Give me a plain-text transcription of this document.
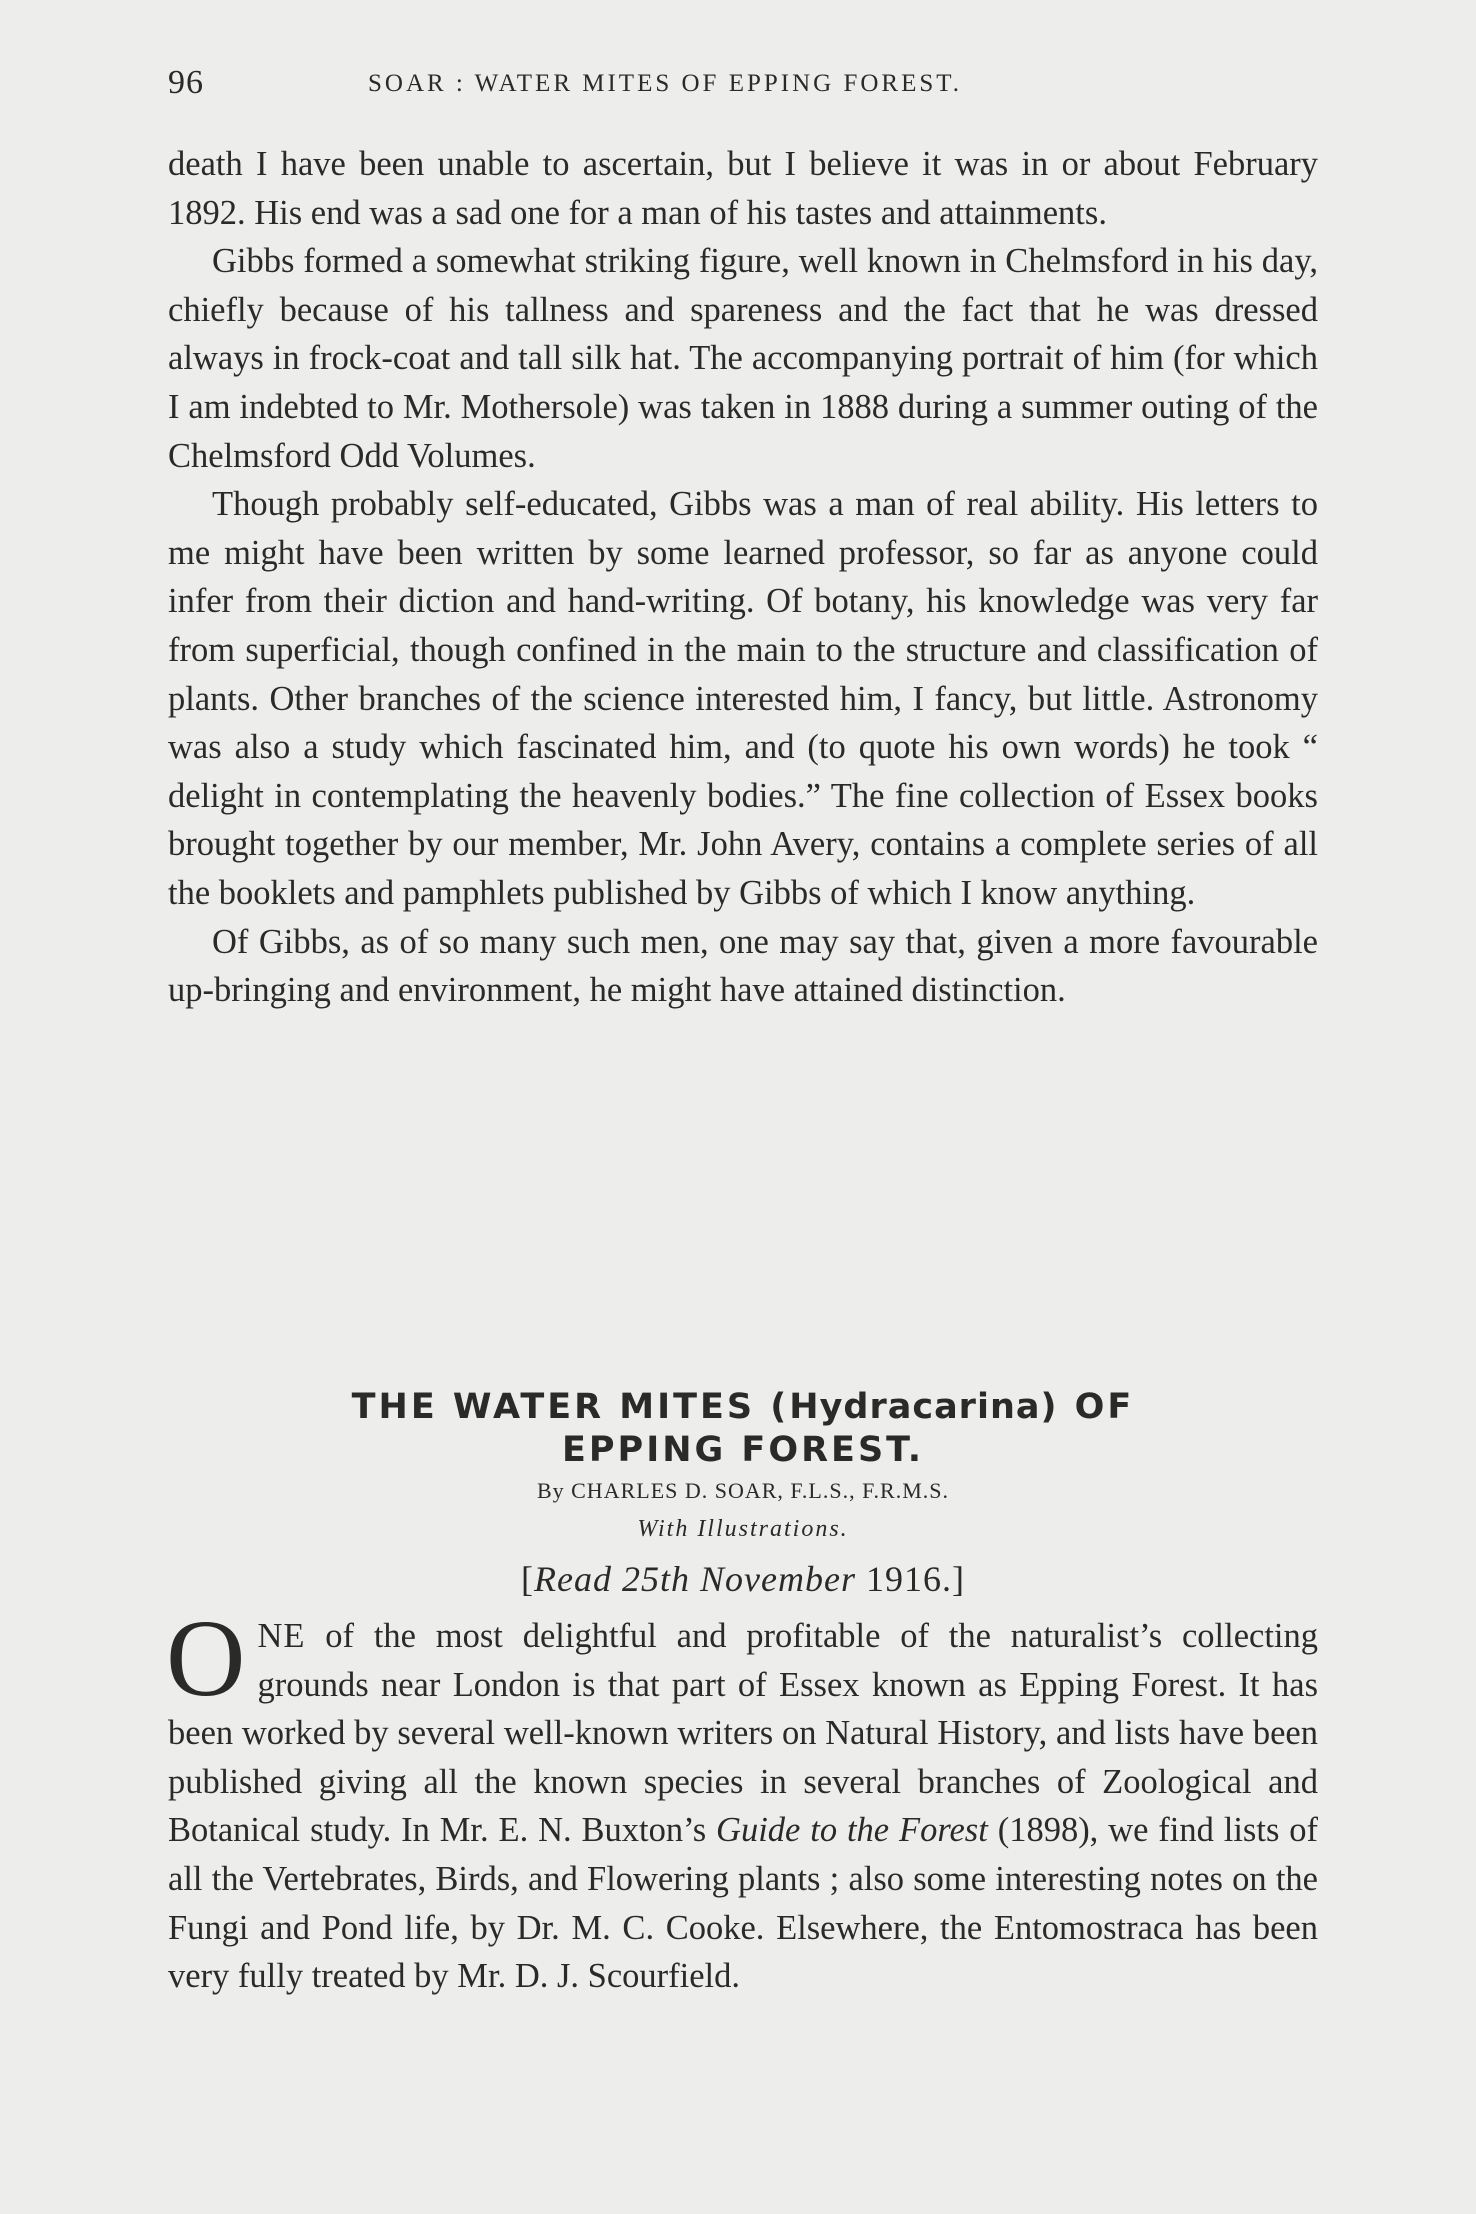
96	SOAR : WATER MITES OF EPPING FOREST.

death I have been unable to ascertain, but I believe it was in or about February 1892. His end was a sad one for a man of his tastes and attainments.

Gibbs formed a somewhat striking figure, well known in Chelmsford in his day, chiefly because of his tallness and spareness and the fact that he was dressed always in frock-coat and tall silk hat. The accompanying portrait of him (for which I am indebted to Mr. Mothersole) was taken in 1888 during a summer outing of the Chelmsford Odd Volumes.

Though probably self-educated, Gibbs was a man of real ability. His letters to me might have been written by some learned professor, so far as anyone could infer from their diction and hand-writing. Of botany, his knowledge was very far from superficial, though confined in the main to the structure and classification of plants. Other branches of the science interested him, I fancy, but little. Astronomy was also a study which fascinated him, and (to quote his own words) he took “ delight in contemplating the heavenly bodies.” The fine collection of Essex books brought together by our member, Mr. John Avery, contains a complete series of all the booklets and pamphlets published by Gibbs of which I know anything.

Of Gibbs, as of so many such men, one may say that, given a more favourable up-bringing and environment, he might have attained distinction.

THE WATER MITES (Hydracarina) OF
EPPING FOREST.
By CHARLES D. SOAR, F.L.S., F.R.M.S.
With Illustrations.
[Read 25th November 1916.]

ONE of the most delightful and profitable of the naturalist’s collecting grounds near London is that part of Essex known as Epping Forest. It has been worked by several well-known writers on Natural History, and lists have been published giving all the known species in several branches of Zoological and Botanical study. In Mr. E. N. Buxton’s Guide to the Forest (1898), we find lists of all the Vertebrates, Birds, and Flowering plants ; also some interesting notes on the Fungi and Pond life, by Dr. M. C. Cooke. Elsewhere, the Entomostraca has been very fully treated by Mr. D. J. Scourfield.
